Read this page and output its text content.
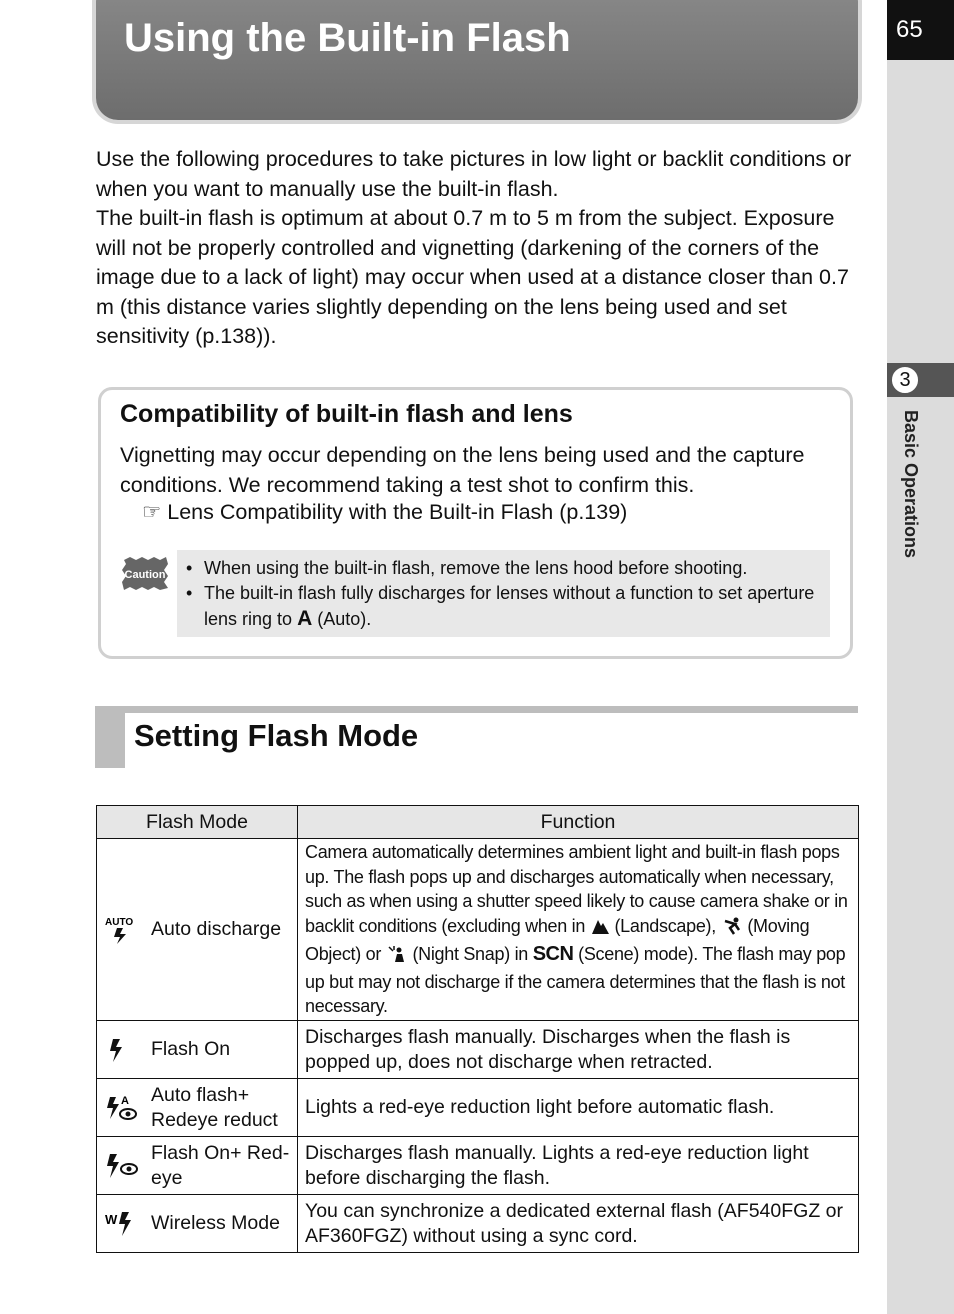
65
3
Basic Operations
Using the Built-in Flash

Use the following procedures to take pictures in low light or backlit conditions or when you want to manually use the built-in flash.

The built-in flash is optimum at about 0.7 m to 5 m from the subject. Exposure will not be properly controlled and vignetting (darkening of the corners of the image due to a lack of light) may occur when used at a distance closer than 0.7 m (this distance varies slightly depending on the lens being used and set sensitivity (p.138)).

Compatibility of built-in flash and lens

Vignetting may occur depending on the lens being used and the capture conditions. We recommend taking a test shot to confirm this.

☞ Lens Compatibility with the Built-in Flash (p.139)
Caution	• When using the built-in flash, remove the lens hood before shooting.
• The built-in flash fully discharges for lenses without a function to set aperture lens ring to A (Auto).
Setting Flash Mode
Flash Mode	Function

AUTO Auto discharge	Camera automatically determines ambient light and built-in flash pops up. The flash pops up and discharges automatically when necessary, such as when using a shutter speed likely to cause camera shake or in backlit conditions (excluding when in (Landscape), (Moving Object) or (Night Snap) in SCN (Scene) mode). The flash may pop up but may not discharge if the camera determines that the flash is not necessary.

Flash On	Discharges flash manually. Discharges when the flash is popped up, does not discharge when retracted.

A Auto flash+ Redeye reduct	Lights a red-eye reduction light before automatic flash.

Flash On+ Red-eye	Discharges flash manually. Lights a red-eye reduction light before discharging the flash.

W Wireless Mode	You can synchronize a dedicated external flash (AF540FGZ or AF360FGZ) without using a sync cord.
